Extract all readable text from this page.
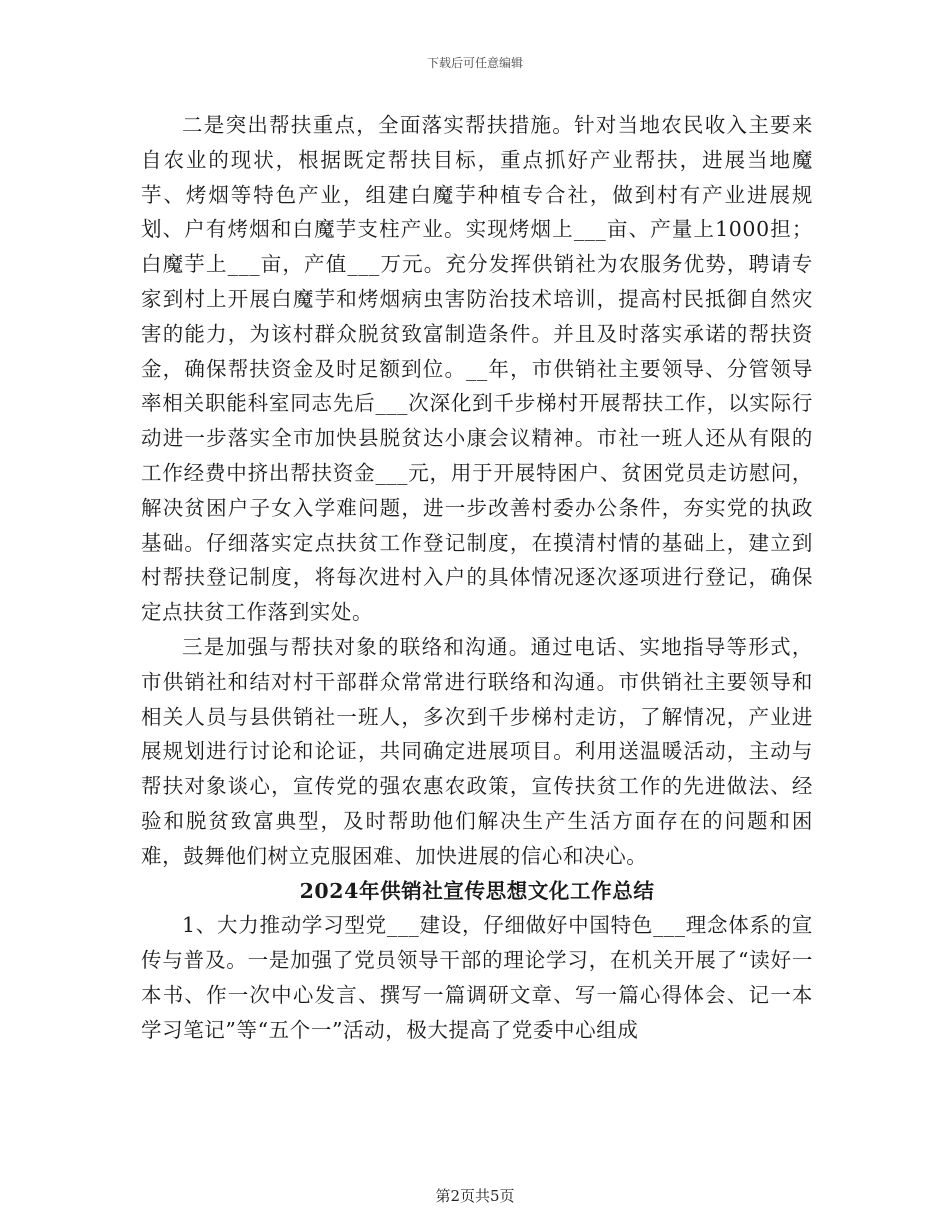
下载后可任意编辑

二是突出帮扶重点，全面落实帮扶措施。针对当地农民收入主要来自农业的现状，根据既定帮扶目标，重点抓好产业帮扶，进展当地魔芋、烤烟等特色产业，组建白魔芋种植专合社，做到村有产业进展规划、户有烤烟和白魔芋支柱产业。实现烤烟上___亩、产量上1000担；白魔芋上___亩，产值___万元。充分发挥供销社为农服务优势，聘请专家到村上开展白魔芋和烤烟病虫害防治技术培训，提高村民抵御自然灾害的能力，为该村群众脱贫致富制造条件。并且及时落实承诺的帮扶资金，确保帮扶资金及时足额到位。__年，市供销社主要领导、分管领导率相关职能科室同志先后___次深化到千步梯村开展帮扶工作，以实际行动进一步落实全市加快县脱贫达小康会议精神。市社一班人还从有限的工作经费中挤出帮扶资金___元，用于开展特困户、贫困党员走访慰问，解决贫困户子女入学难问题，进一步改善村委办公条件，夯实党的执政基础。仔细落实定点扶贫工作登记制度，在摸清村情的基础上，建立到村帮扶登记制度，将每次进村入户的具体情况逐次逐项进行登记，确保定点扶贫工作落到实处。

三是加强与帮扶对象的联络和沟通。通过电话、实地指导等形式，市供销社和结对村干部群众常常进行联络和沟通。市供销社主要领导和相关人员与县供销社一班人，多次到千步梯村走访，了解情况，产业进展规划进行讨论和论证，共同确定进展项目。利用送温暖活动，主动与帮扶对象谈心，宣传党的强农惠农政策，宣传扶贫工作的先进做法、经验和脱贫致富典型，及时帮助他们解决生产生活方面存在的问题和困难，鼓舞他们树立克服困难、加快进展的信心和决心。

2024年供销社宣传思想文化工作总结

1、大力推动学习型党___建设，仔细做好中国特色___理念体系的宣传与普及。一是加强了党员领导干部的理论学习，在机关开展了“读好一本书、作一次中心发言、撰写一篇调研文章、写一篇心得体会、记一本学习笔记”等“五个一”活动，极大提高了党委中心组成

第2页共5页
